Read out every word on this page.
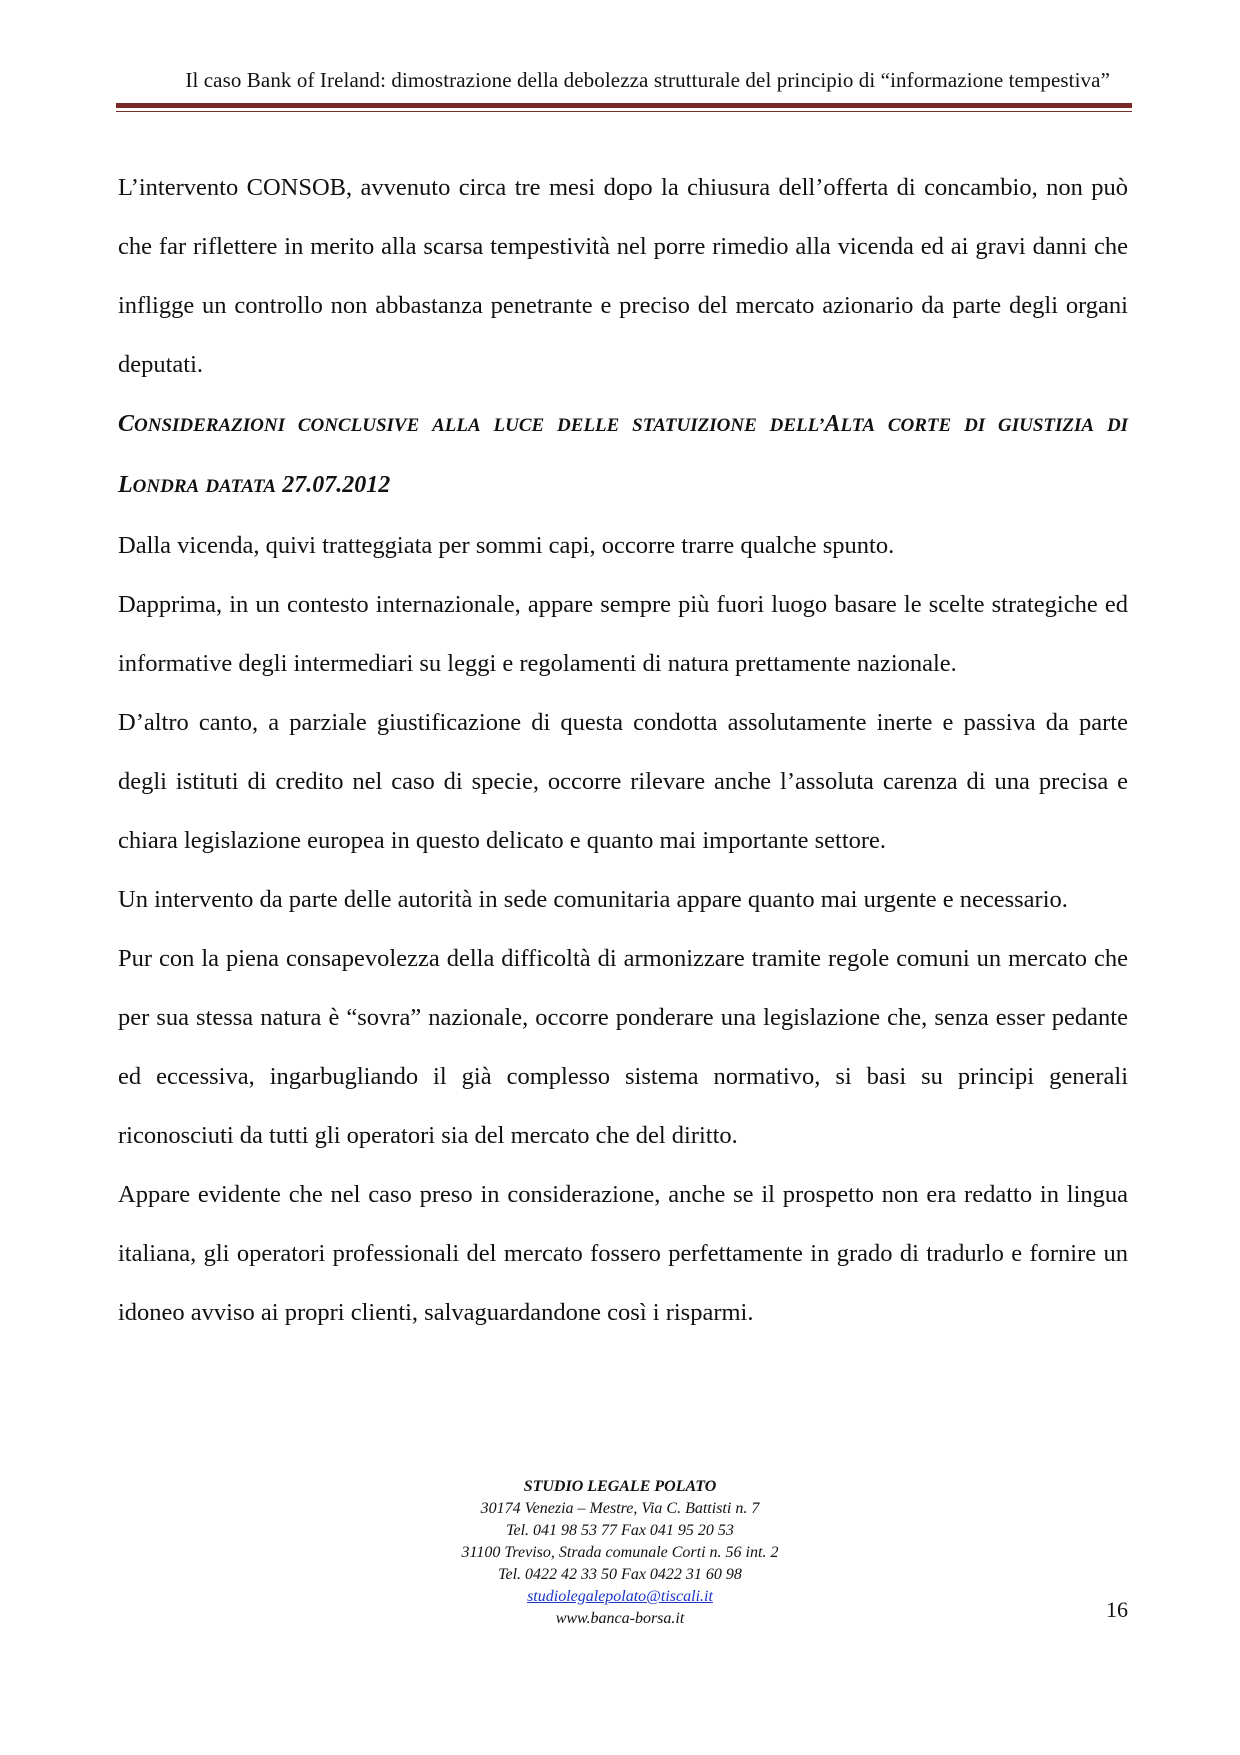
Il caso Bank of Ireland: dimostrazione della debolezza strutturale del principio di “informazione tempestiva”

L’intervento CONSOB, avvenuto circa tre mesi dopo la chiusura dell’offerta di concambio, non può che far riflettere in merito alla scarsa tempestività nel porre rimedio alla vicenda ed ai gravi danni che infligge un controllo non abbastanza penetrante e preciso del mercato azionario da parte degli organi deputati.

CONSIDERAZIONI CONCLUSIVE ALLA LUCE DELLE STATUIZIONE DELL’ALTA CORTE DI GIUSTIZIA DI LONDRA DATATA 27.07.2012

Dalla vicenda, quivi tratteggiata per sommi capi, occorre trarre qualche spunto.

Dapprima, in un contesto internazionale, appare sempre più fuori luogo basare le scelte strategiche ed informative degli intermediari su leggi e regolamenti di natura prettamente nazionale.

D’altro canto, a parziale giustificazione di questa condotta assolutamente inerte e passiva da parte degli istituti di credito nel caso di specie, occorre rilevare anche l’assoluta carenza di una precisa e chiara legislazione europea in questo delicato e quanto mai importante settore.

Un intervento da parte delle autorità in sede comunitaria appare quanto mai urgente e necessario.

Pur con la piena consapevolezza della difficoltà di armonizzare tramite regole comuni un mercato che per sua stessa natura è “sovra” nazionale, occorre ponderare una legislazione che, senza esser pedante ed eccessiva, ingarbugliando il già complesso sistema normativo, si basi su principi generali riconosciuti da tutti gli operatori sia del mercato che del diritto.

Appare evidente che nel caso preso in considerazione, anche se il prospetto non era redatto in lingua italiana, gli operatori professionali del mercato fossero perfettamente in grado di tradurlo e fornire un idoneo avviso ai propri clienti, salvaguardandone così i risparmi.

STUDIO LEGALE POLATO
30174 Venezia – Mestre, Via C. Battisti n. 7
Tel. 041 98 53 77 Fax 041 95 20 53
31100 Treviso, Strada comunale Corti n. 56 int. 2
Tel. 0422 42 33 50 Fax 0422 31 60 98
studiolegalepolato@tiscali.it
www.banca-borsa.it	16
